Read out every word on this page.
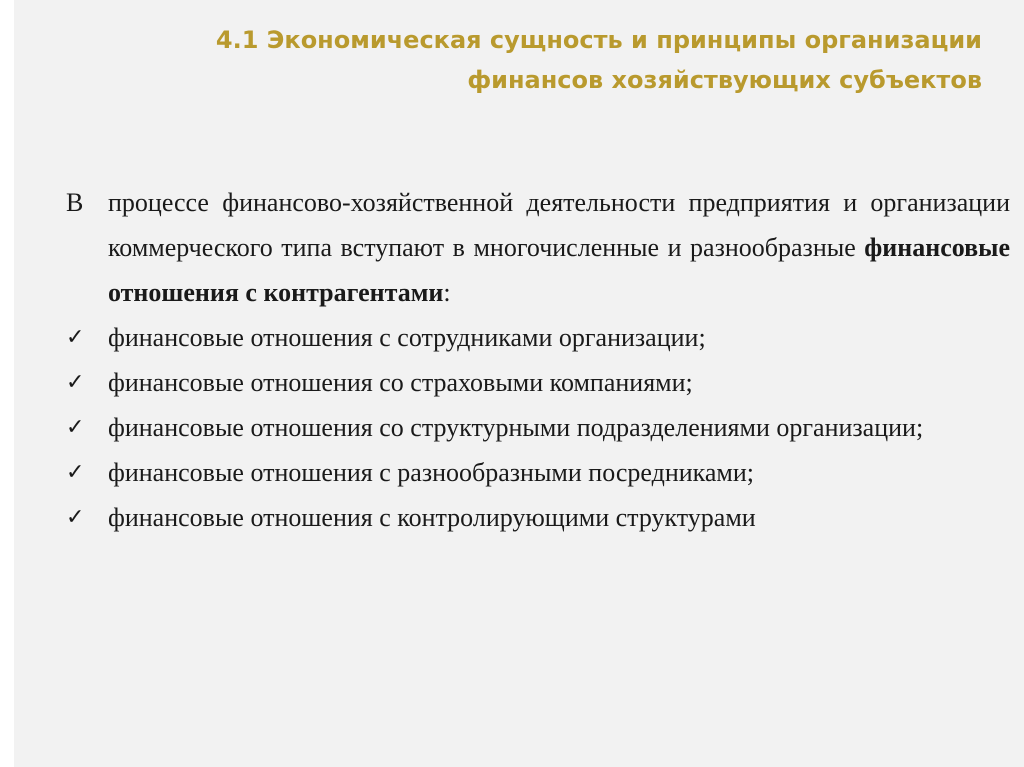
4.1 Экономическая сущность и принципы организации
финансов хозяйствующих субъектов

В процессе финансово-хозяйственной деятельности предприятия и организации коммерческого типа вступают в многочисленные и разнообразные финансовые отношения с контрагентами:

✓ финансовые отношения с сотрудниками организации;
✓ финансовые отношения со страховыми компаниями;
✓ финансовые отношения со структурными подразделениями организации;
✓ финансовые отношения с разнообразными посредниками;
✓ финансовые отношения с контролирующими структурами
